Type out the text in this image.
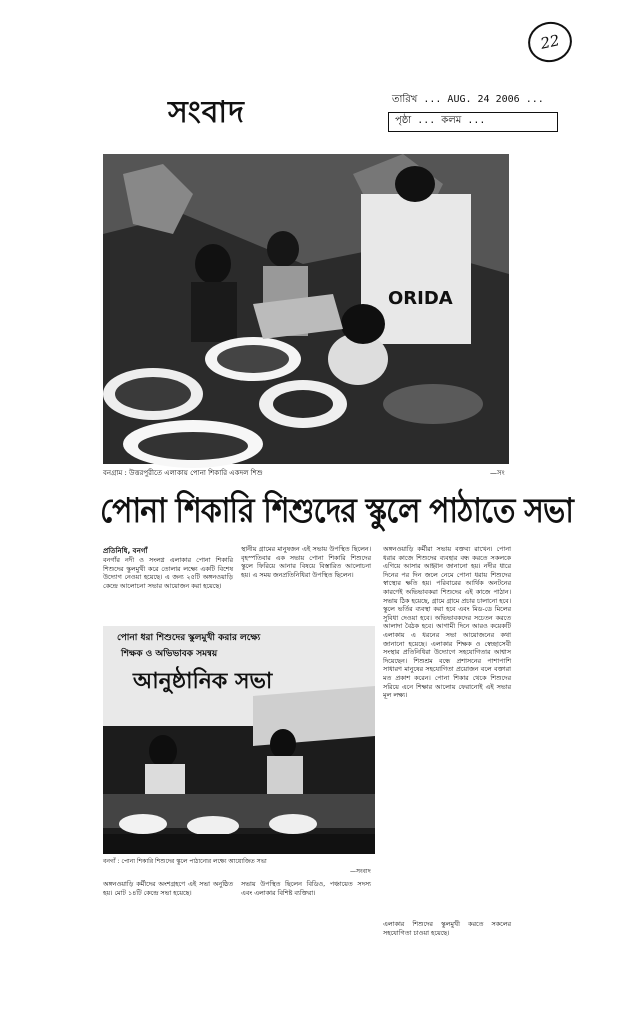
22
সংবাদ	তারিখ ... AUG. 24 2006 ...
পৃষ্ঠা ... কলম ...
ORIDA
বনগ্রাম : উত্তরপুরীতে এলাকায় পোনা শিকারি একদল শিশু	—সং
পোনা শিকারি শিশুদের স্কুলে পাঠাতে সভা
প্রতিনিধি, বনগাঁ
বনগাঁর নদী ও সংলগ্ন এলাকার পোনা শিকারি শিশুদের স্কুলমুখী করে তোলার লক্ষ্যে একটি বিশেষ উদ্যোগ নেওয়া হয়েছে। এ জন্য ২৫টি অঙ্গনওয়াড়ি কেন্দ্রে আলোচনা সভার আয়োজন করা হয়েছে।
স্থানীয় গ্রামের মানুষজন এই সভায় উপস্থিত ছিলেন। বৃহস্পতিবার এক সভায় পোনা শিকারি শিশুদের স্কুলে ফিরিয়ে আনার বিষয়ে বিস্তারিত আলোচনা হয়। এ সময় জনপ্রতিনিধিরা উপস্থিত ছিলেন।
অঙ্গনওয়াড়ি কর্মীরা সভায় বক্তব্য রাখেন। পোনা ধরার কাজে শিশুদের ব্যবহার বন্ধ করতে সকলকে এগিয়ে আসার আহ্বান জানানো হয়। নদীর ধারে দিনের পর দিন জলে নেমে পোনা ধরায় শিশুদের স্বাস্থ্যের ক্ষতি হয়। পরিবারের আর্থিক অনটনের কারণেই অভিভাবকরা শিশুদের এই কাজে পাঠান। সভায় ঠিক হয়েছে, গ্রামে গ্রামে প্রচার চালানো হবে। স্কুলে ভর্তির ব্যবস্থা করা হবে এবং মিড-ডে মিলের সুবিধা দেওয়া হবে। অভিভাবকদের সচেতন করতে আলাদা বৈঠক হবে। আগামী দিনে আরও কয়েকটি এলাকায় এ ধরনের সভা আয়োজনের কথা জানানো হয়েছে। এলাকার শিক্ষক ও স্বেচ্ছাসেবী সংস্থার প্রতিনিধিরা উদ্যোগে সহযোগিতার আশ্বাস দিয়েছেন। শিশুশ্রম বন্ধে প্রশাসনের পাশাপাশি সাধারণ মানুষের সহযোগিতা প্রয়োজন বলে বক্তারা মত প্রকাশ করেন। পোনা শিকার থেকে শিশুদের সরিয়ে এনে শিক্ষার আলোয় ফেরানোই এই সভার মূল লক্ষ্য।
পোনা ধরা শিশুদের স্কুলমুখী করার লক্ষ্যে
শিক্ষক ও অভিভাবক সমন্বয়
আনুষ্ঠানিক সভা
বনগাঁ : পোনা শিকারি শিশুদের স্কুলে পাঠানোর লক্ষ্যে আয়োজিত সভা
—সংবাদ
অঙ্গনওয়াড়ি কর্মীদের অংশগ্রহণে এই সভা অনুষ্ঠিত হয়। মোট ১৪টি কেন্দ্রে সভা হয়েছে।
সভায় উপস্থিত ছিলেন বিডিও, পঞ্চায়েত সদস্য এবং এলাকার বিশিষ্ট ব্যক্তিরা।
এলাকার শিশুদের স্কুলমুখী করতে সকলের সহযোগিতা চাওয়া হয়েছে।
